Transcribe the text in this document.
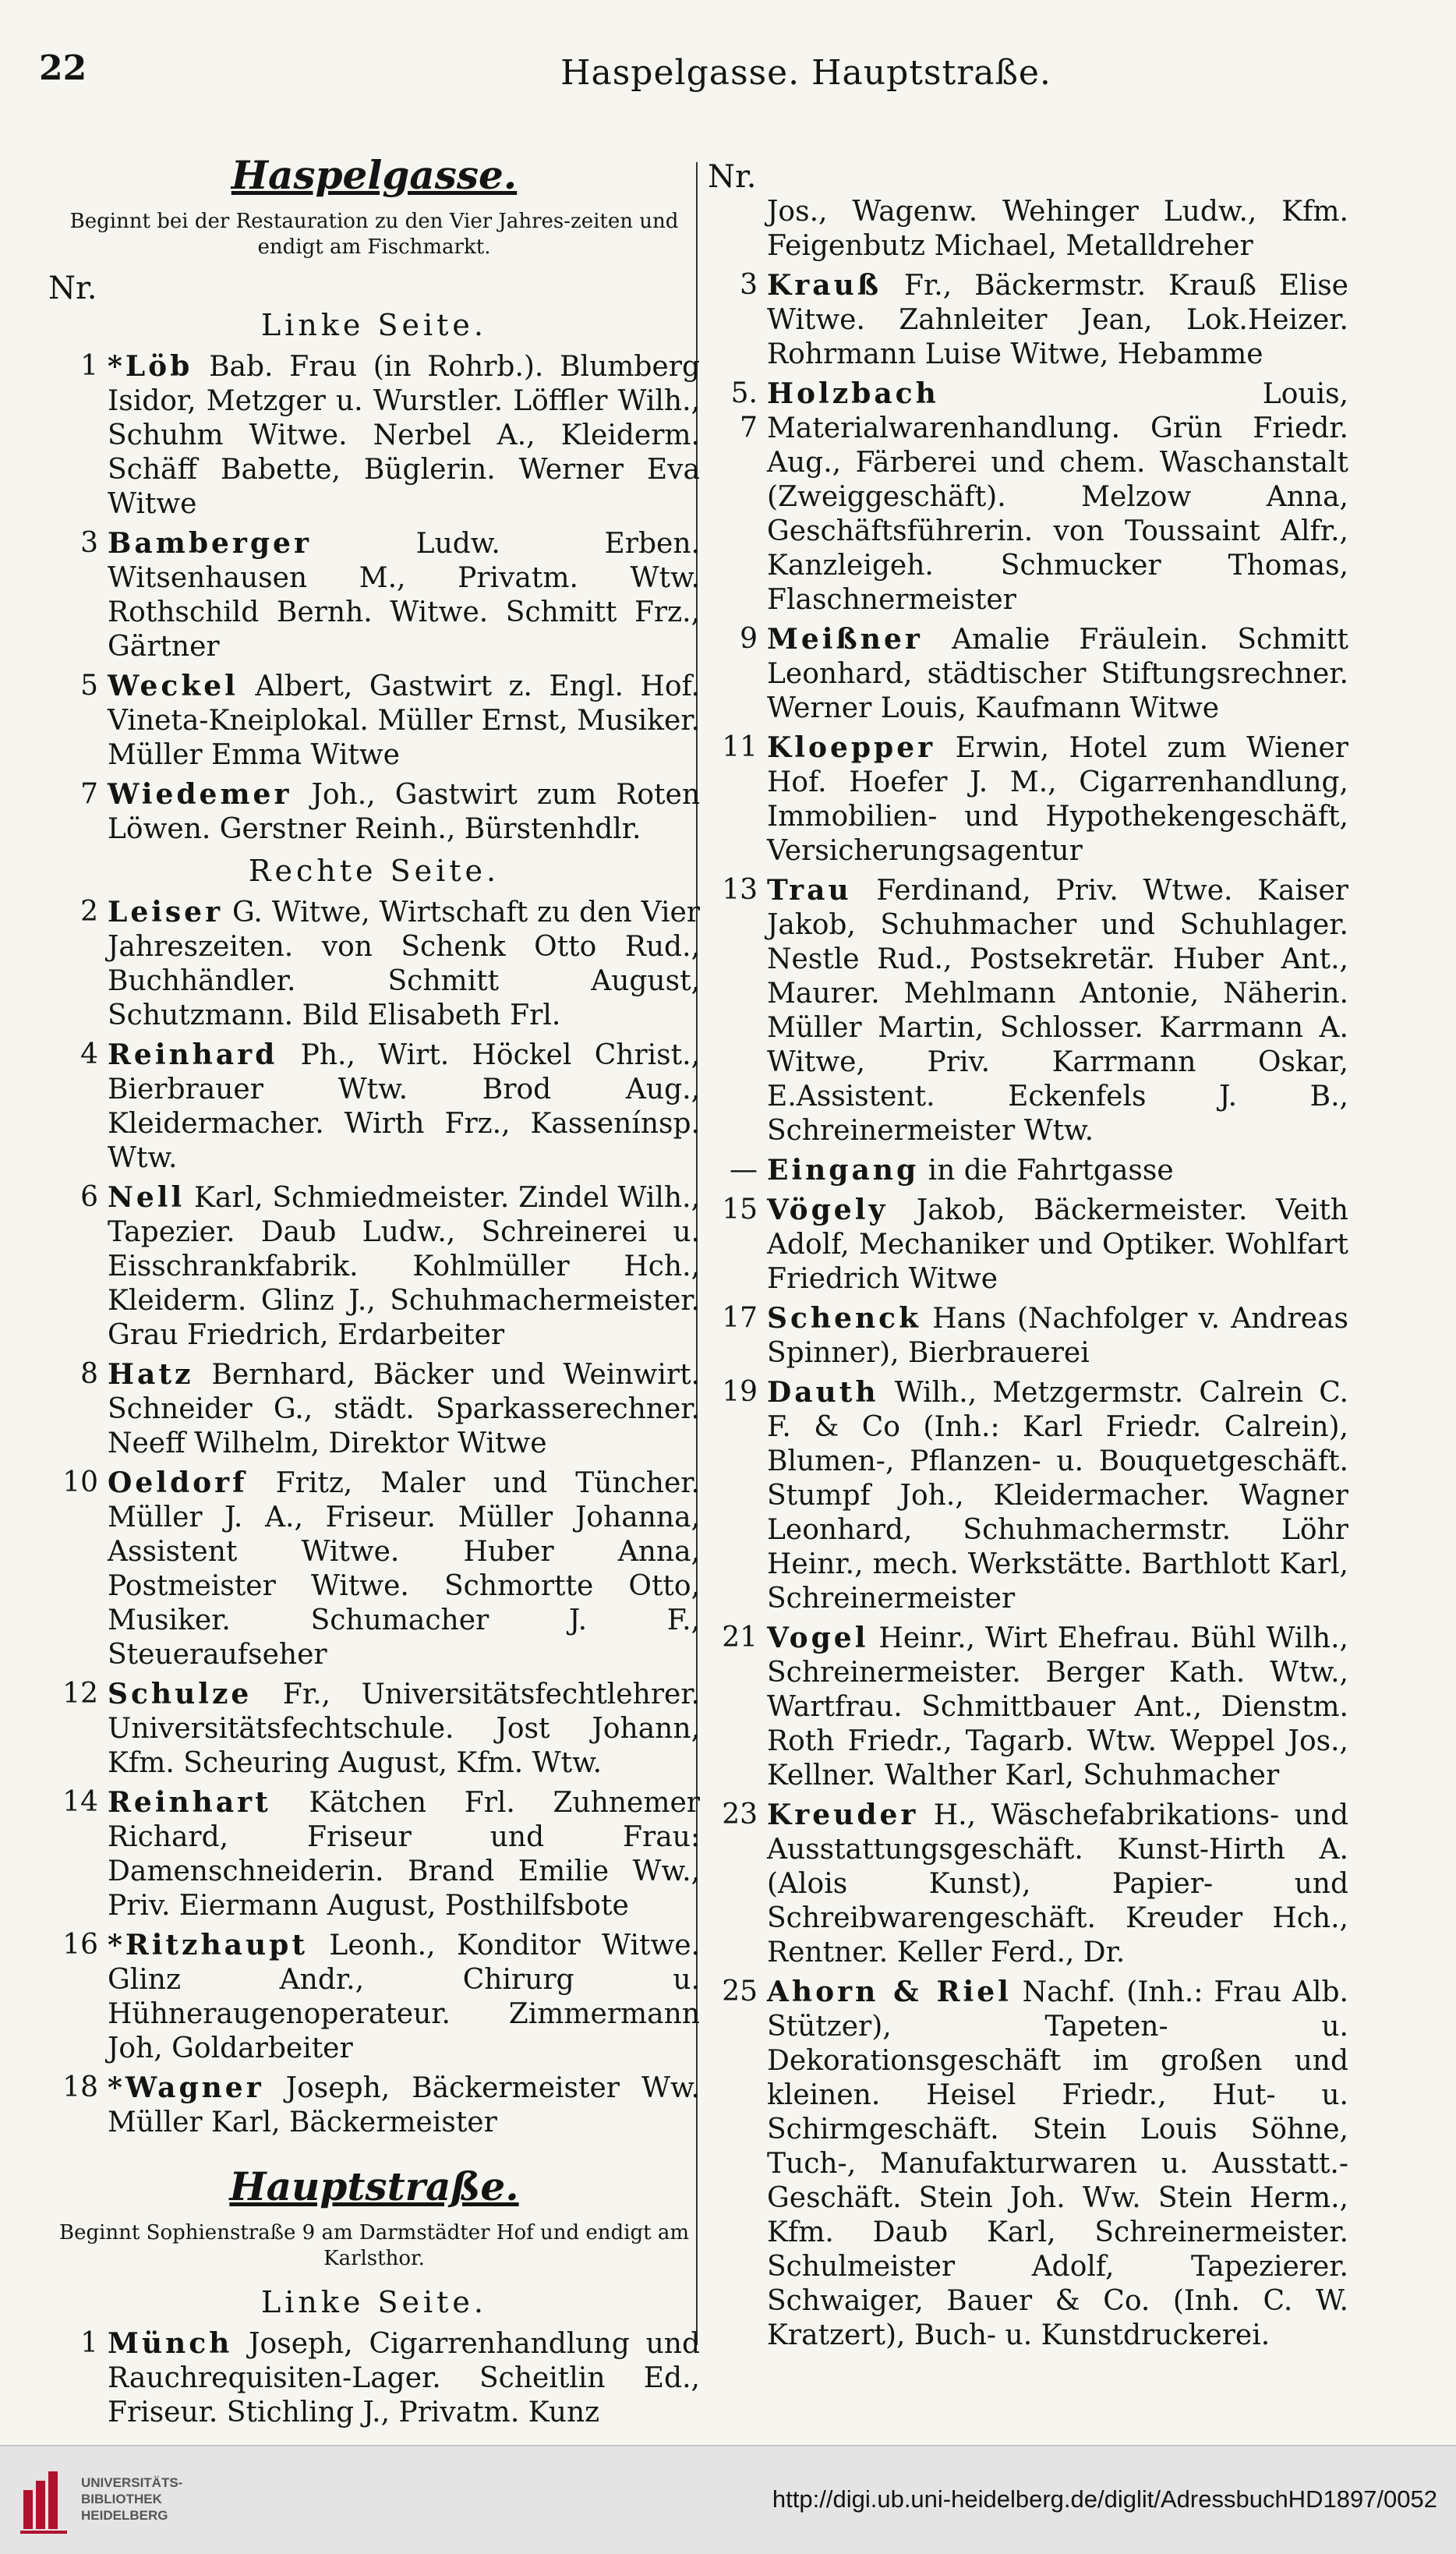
22	Haspelgasse. Hauptstraße.
Haspelgasse.
Beginnt bei der Restauration zu den Vier Jahres-zeiten und endigt am Fischmarkt.
Nr.
Linke Seite.
1 *Löb Bab. Frau (in Rohrb.). Blumberg Isidor, Metzger u. Wurstler. Löffler Wilh., Schuhm Witwe. Nerbel A., Kleiderm. Schäff Babette, Büglerin. Werner Eva Witwe
3 Bamberger	Ludw. Erben. Witsenhausen M., Privatm. Wtw. Rothschild Bernh. Witwe. Schmitt Frz., Gärtner
5 Weckel Albert, Gastwirt z. Engl. Hof. Vineta-Kneiplokal. Müller Ernst, Musiker. Müller Emma Witwe
7 Wiedemer Joh., Gastwirt zum Roten Löwen. Gerstner Reinh., Bürstenhdlr.
Rechte Seite.
2 Leiser G. Witwe, Wirtschaft zu den Vier Jahreszeiten. von Schenk Otto Rud., Buchhändler. Schmitt August, Schutzmann. Bild Elisabeth Frl.
4 Reinhard Ph., Wirt. Höckel Christ., Bierbrauer Wtw. Brod Aug., Kleidermacher. Wirth Frz., Kassenínsp. Wtw.
6 Nell Karl, Schmiedmeister. Zindel Wilh., Tapezier. Daub Ludw., Schreinerei u. Eisschrankfabrik. Kohlmüller Hch., Kleiderm. Glinz J., Schuhmachermeister. Grau Friedrich, Erdarbeiter
8 Hatz Bernhard, Bäcker und Weinwirt. Schneider G., städt. Sparkasserechner. Neeff Wilhelm, Direktor Witwe
10 Oeldorf Fritz, Maler und Tüncher. Müller J. A., Friseur. Müller Johanna, Assistent Witwe. Huber Anna, Postmeister Witwe. Schmortte Otto, Musiker. Schumacher J. F., Steueraufseher
12 Schulze Fr., Universitätsfechtlehrer. Universitätsfechtschule. Jost Johann, Kfm. Scheuring August, Kfm. Wtw.
14 Reinhart Kätchen Frl. Zuhnemer Richard, Friseur und Frau: Damenschneiderin. Brand Emilie Ww., Priv. Eiermann August, Posthilfsbote
16 *Ritzhaupt Leonh., Konditor Witwe. Glinz Andr., Chirurg u. Hühneraugenoperateur. Zimmermann Joh, Goldarbeiter
18 *Wagner Joseph, Bäckermeister Ww. Müller Karl, Bäckermeister
Hauptstraße.
Beginnt Sophienstraße 9 am Darmstädter Hof und endigt am Karlsthor.
Linke Seite.
1 Münch Joseph, Cigarrenhandlung und Rauchrequisiten-Lager. Scheitlin Ed., Friseur. Stichling J., Privatm. Kunz
Nr.
Jos., Wagenw. Wehinger Ludw., Kfm. Feigenbutz Michael, Metalldreher
3 Krauß Fr., Bäckermstr. Krauß Elise Witwe. Zahnleiter Jean, Lok.Heizer. Rohrmann Luise Witwe, Hebamme
5. 7
Holzbach	Louis, Materialwarenhandlung. Grün Friedr. Aug., Färberei und chem. Waschanstalt (Zweiggeschäft). Melzow Anna, Geschäftsführerin. von Toussaint Alfr., Kanzleigeh. Schmucker Thomas, Flaschnermeister
9 Meißner Amalie Fräulein. Schmitt Leonhard, städtischer Stiftungsrechner. Werner Louis, Kaufmann Witwe
11 Kloepper Erwin, Hotel zum Wiener Hof. Hoefer J. M., Cigarrenhandlung, Immobilien- und Hypothekengeschäft, Versicherungsagentur
13 Trau Ferdinand, Priv. Wtwe. Kaiser Jakob, Schuhmacher und Schuhlager. Nestle Rud., Postsekretär. Huber Ant., Maurer. Mehlmann Antonie, Näherin. Müller Martin, Schlosser. Karrmann A. Witwe, Priv. Karrmann Oskar, E.Assistent. Eckenfels J. B., Schreinermeister Wtw.
— Eingang in die Fahrtgasse
15 Vögely Jakob, Bäckermeister. Veith Adolf, Mechaniker und Optiker. Wohlfart Friedrich Witwe
17 Schenck Hans (Nachfolger v. Andreas Spinner), Bierbrauerei
19 Dauth Wilh., Metzgermstr. Calrein C. F. & Co (Inh.: Karl Friedr. Calrein), Blumen-, Pflanzen- u. Bouquetgeschäft. Stumpf Joh., Kleidermacher. Wagner Leonhard, Schuhmachermstr. Löhr Heinr., mech. Werkstätte. Barthlott Karl, Schreinermeister
21 Vogel Heinr., Wirt Ehefrau. Bühl Wilh., Schreinermeister. Berger Kath. Wtw., Wartfrau. Schmittbauer Ant., Dienstm. Roth Friedr., Tagarb. Wtw. Weppel Jos., Kellner. Walther Karl, Schuhmacher
23 Kreuder H., Wäschefabrikations- und Ausstattungsgeschäft. Kunst-Hirth A. (Alois Kunst), Papier- und Schreibwarengeschäft. Kreuder Hch., Rentner. Keller Ferd., Dr.
25 Ahorn & Riel Nachf. (Inh.: Frau Alb. Stützer), Tapeten- u. Dekorationsgeschäft im großen und kleinen. Heisel Friedr., Hut- u. Schirmgeschäft. Stein Louis Söhne, Tuch-, Manufakturwaren u. Ausstatt.-Geschäft. Stein Joh. Ww. Stein Herm., Kfm. Daub Karl, Schreinermeister. Schulmeister Adolf, Tapezierer. Schwaiger, Bauer & Co. (Inh. C. W. Kratzert), Buch- u. Kunstdruckerei.
UNIVERSITÄTS-
BIBLIOTHEK
HEIDELBERG
http://digi.ub.uni-heidelberg.de/diglit/AdressbuchHD1897/0052
